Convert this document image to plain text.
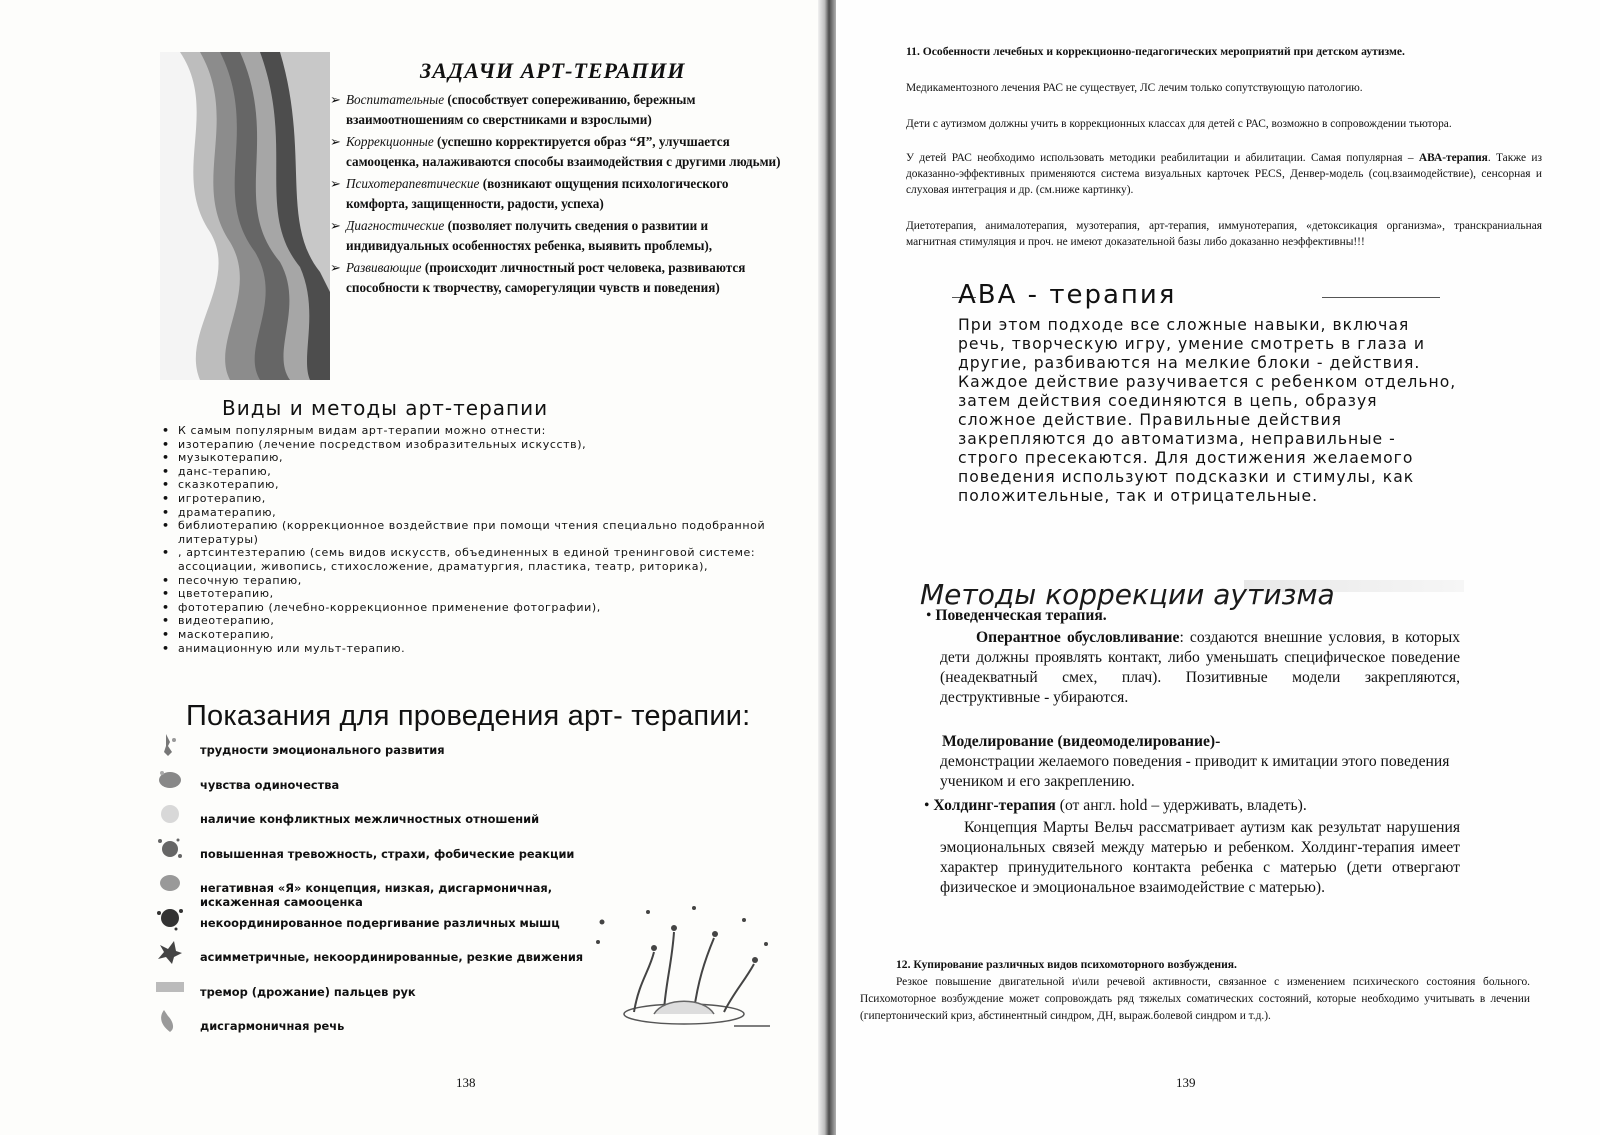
ЗАДАЧИ АРТ-ТЕРАПИИ
➢ Воспитательные (способствует сопереживанию, бережным взаимоотношениям со сверстниками и взрослыми)
➢ Коррекционные (успешно корректируется образ “Я”, улучшается самооценка, налаживаются способы взаимодействия с другими людьми)
➢ Психотерапевтические (возникают ощущения психологического комфорта, защищенности, радости, успеха)
➢ Диагностические (позволяет получить сведения о развитии и индивидуальных особенностях ребенка, выявить проблемы),
➢ Развивающие (происходит личностный рост человека, развиваются способности к творчеству, саморегуляции чувств и поведения)
Виды и методы арт-терапии
• К самым популярным видам арт-терапии можно отнести:
• изотерапию (лечение посредством изобразительных искусств),
• музыкотерапию,
• данс-терапию,
• сказкотерапию,
• игротерапию,
• драматерапию,
• библиотерапию (коррекционное воздействие при помощи чтения специально подобранной литературы)
• , артсинтезтерапию (семь видов искусств, объединенных в единой тренинговой системе: ассоциации, живопись, стихосложение, драматургия, пластика, театр, риторика),
• песочную терапию,
• цветотерапию,
• фототерапию (лечебно-коррекционное применение фотографии),
• видеотерапию,
• маскотерапию,
• анимационную или мульт-терапию.
Показания для проведения арт- терапии:
трудности эмоционального развития
чувства одиночества
наличие конфликтных межличностных отношений
повышенная тревожность, страхи, фобические реакции
негативная «Я» концепция, низкая, дисгармоничная, искаженная самооценка
некоординированное подергивание различных мышц
асимметричные, некоординированные, резкие движения
тремор (дрожание) пальцев рук
дисгармоничная речь
138
11. Особенности лечебных и коррекционно-педагогических мероприятий при детском аутизме.
Медикаментозного лечения РАС не существует, ЛС лечим только сопутствующую патологию.
Дети с аутизмом должны учить в коррекционных классах для детей с РАС, возможно в сопровождении тьютора.
У детей РАС необходимо использовать методики реабилитации и абилитации. Самая популярная – АВА-терапия. Также из доказанно-эффективных применяются система визуальных карточек PECS, Денвер-модель (соц.взаимодействие), сенсорная и слуховая интеграция и др. (см.ниже картинку).
Диетотерапия, анималотерапия, музотерапия, арт-терапия, иммунотерапия, «детоксикация организма», транскраниальная магнитная стимуляция и проч. не имеют доказательной базы либо доказанно неэффективны!!!
АВА - терапия
При этом подходе все сложные навыки, включая речь, творческую игру, умение смотреть в глаза и другие, разбиваются на мелкие блоки - действия. Каждое действие разучивается с ребенком отдельно, затем действия соединяются в цепь, образуя сложное действие. Правильные действия закрепляются до автоматизма, неправильные - строго пресекаются. Для достижения желаемого поведения используют подсказки и стимулы, как положительные, так и отрицательные.
Методы коррекции аутизма
• Поведенческая терапия.
Оперантное обусловливание: создаются внешние условия, в которых дети должны проявлять контакт, либо уменьшать специфическое поведение (неадекватный смех, плач). Позитивные модели закрепляются, деструктивные - убираются.
Моделирование (видеомоделирование)-
демонстрации желаемого поведения - приводит к имитации этого поведения учеником и его закреплению.
• Холдинг-терапия (от англ. hold – удерживать, владеть).
Концепция Марты Вельч рассматривает аутизм как результат нарушения эмоциональных связей между матерью и ребенком. Холдинг-терапия имеет характер принудительного контакта ребенка с матерью (дети отвергают физическое и эмоциональное взаимодействие с матерью).
12. Купирование различных видов психомоторного возбуждения.
Резкое повышение двигательной и\или речевой активности, связанное с изменением психического состояния больного. Психомоторное возбуждение может сопровождать ряд тяжелых соматических состояний, которые необходимо учитывать в лечении (гипертонический криз, абстинентный синдром, ДН, выраж.болевой синдром и т.д.).
139
